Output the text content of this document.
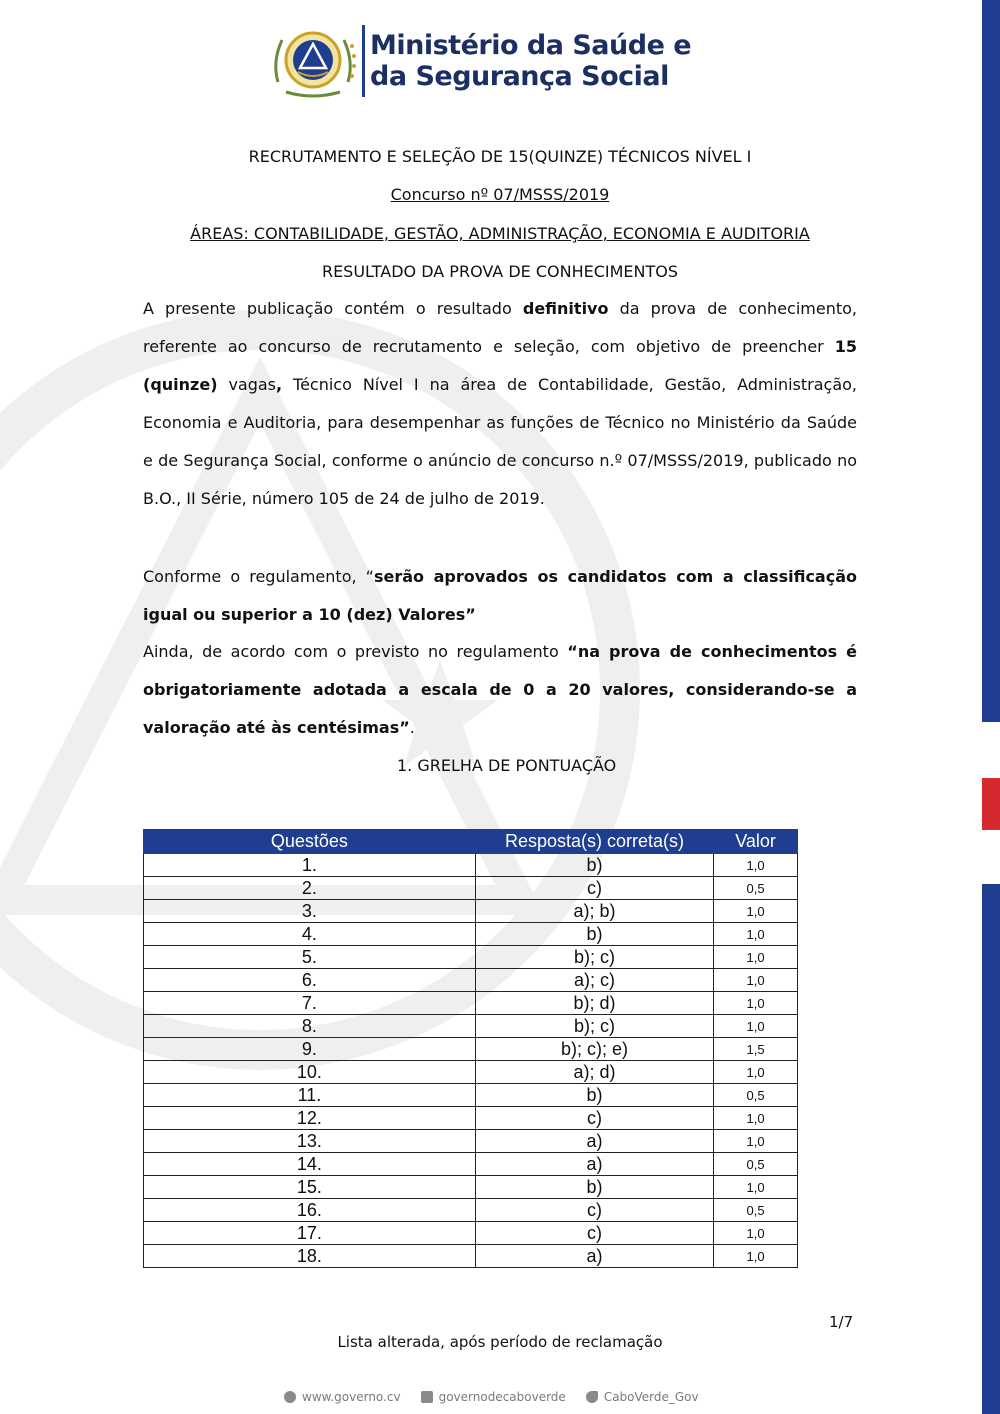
Ministério da Saúde e
da Segurança Social
RECRUTAMENTO E SELEÇÃO DE 15(QUINZE) TÉCNICOS NÍVEL I
Concurso nº 07/MSSS/2019
ÁREAS: CONTABILIDADE, GESTÃO, ADMINISTRAÇÃO, ECONOMIA E AUDITORIA
RESULTADO DA PROVA DE CONHECIMENTOS
A presente publicação contém o resultado definitivo da prova de conhecimento, referente ao concurso de recrutamento e seleção, com objetivo de preencher 15 (quinze) vagas, Técnico Nível I na área de Contabilidade, Gestão, Administração, Economia e Auditoria, para desempenhar as funções de Técnico no Ministério da Saúde e de Segurança Social, conforme o anúncio de concurso n.º 07/MSSS/2019, publicado no B.O., II Série, número 105 de 24 de julho de 2019.
Conforme o regulamento, “serão aprovados os candidatos com a classificação igual ou superior a 10 (dez) Valores”
Ainda, de acordo com o previsto no regulamento “na prova de conhecimentos é obrigatoriamente adotada a escala de 0 a 20 valores, considerando-se a valoração até às centésimas”.
1. GRELHA DE PONTUAÇÃO
Questões	Resposta(s) correta(s)	Valor
1.	b)	1,0
2.	c)	0,5
3.	a); b)	1,0
4.	b)	1,0
5.	b); c)	1,0
6.	a); c)	1,0
7.	b); d)	1,0
8.	b); c)	1,0
9.	b); c); e)	1,5
10.	a); d)	1,0
11.	b)	0,5
12.	c)	1,0
13.	a)	1,0
14.	a)	0,5
15.	b)	1,0
16.	c)	0,5
17.	c)	1,0
18.	a)	1,0
1/7
Lista alterada, após período de reclamação
www.governo.cv	governodecaboverde	CaboVerde_Gov
